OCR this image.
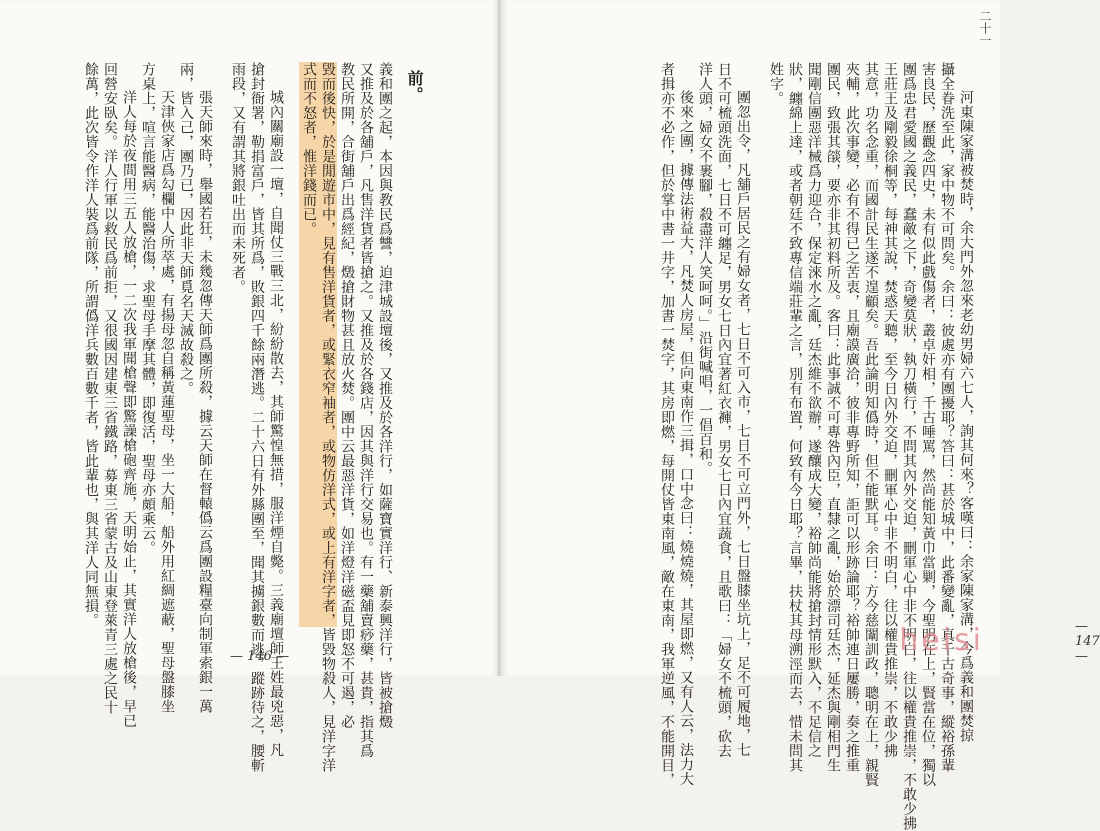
前。
義和團之起，本因與教民爲讐，迫津城設壇後，又推及於各洋行，如薩寶實洋行、新泰興洋行，皆被搶燬
又推及於各舖戶，凡售洋貨者皆搶之。又推及於各錢店，因其與洋行交易也。有一藥舖賣痧藥，甚貴，指其爲
教民所開，合街舖戶出爲經紀，燬搶財物甚且放火焚。團中云最惡洋貨，如洋燈洋磁盃見即怒不可遏，必
毀而後快，於是閒遊市中，見有售洋貨者，或緊衣窄袖者，或物仿洋式，或上有洋字者，皆毀物殺人，見洋字洋
式而不怒者，惟洋錢而已。
城內關廟設一壇，自聞仗三戰三北，紛紛散去，其師驚惶無措，服洋煙自斃。三義廟壇師王姓最兇惡，凡
搶封衙署，勒捐富戶，皆其所爲，敗銀四千餘兩潛逃。二十六日有外縣團至，聞其擄銀數而逃，蹤跡待之，腰斬
雨段，又有謂其將銀吐出而未死者。
張天師來時，舉國若狂，未幾忽傳天師爲團所殺，據云天師在督轅僞云爲團設糧臺向制軍索銀一萬
兩，皆入己，團乃已，因此非天師覓名天滅故殺之。
天津俠家店爲勾欄中人所萃處，有揚母忽自稱黃蓮聖母，坐一大船，船外用紅綢遮蔽，聖母盤膝坐
方桌上，喧言能醫病，能醫治傷，求聖母手摩其體，即復活，聖母亦頗乘云。
洋人每於夜間用三五人放槍，一二次我軍聞槍聲即驚譟槍砲齊施，天明始止，其實洋人放槍後，早已
回營安臥矣。洋人行軍以救民爲前拒，又很國因建東三省鐵路，募東三省蒙古及山東登萊青三處之民十
餘萬，此次皆令作洋人裝爲前隊，所謂僞洋兵數百數千者，皆此輩也，與其洋人同無損。
— 146 —
二十一
河東陳家溝被焚時，余大門外忽來老幼男婦六七人，詢其何來？客嘆曰：余家陳家溝，今爲義和團焚掠
攝全眷洗至此，家中物不可問矣。余曰：彼處亦有團擾耶？答曰：甚於城中，此番變亂，真千古奇事，縱裕孫輩
害良民，歷觀念四史，未有似此戲傷者，叢卓奸相，千古唾罵，然尚能知黃巾當剿，今聖明在上，賢當在位，獨以
團爲忠君愛國之義民，蠢敵之下，奇變莫狀，執刀橫行，不問其內外交迫，刪軍心中非不明白，往以權貴推崇，不敢少拂
王莊王及剛毅徐桐等，每神其說，焚惑天聽，至今日內外交迫，刪軍心中非不明白，往以權貴推崇，不敢少拂
其意，功名念重，而國計民生遂不遑顧矣。吾此論明知僞時，但不能默耳。余曰：方今慈闈訓政，聰明在上，親賢
夾輔，此次事變，必有不得已之苦衷，且廟謨廣洽，彼非專野所知，詎可以形跡論耶？裕帥連日屢勝，奏之推重
團民，致張其燄，要亦非其初料所及。客曰：此事誠不可專咎內臣，直隸之亂，始於漂司廷杰，延杰與剛相門生
聞剛信團惡洋械爲力迎合，保定淶水之亂，廷杰維不欲辦，遂釀成大變，裕帥尚能將搶封情形默入，不足信之
狀，纏綿上達，或者朝廷不致專信端莊輩之言，別有布置，何致有今日耶？言畢，扶杖其母溯涇而去，惜未問其
姓字。
團忽出令，凡舖戶居民之有婦女者，七日不可入市，七日不可立門外，七日盤膝坐坑上，足不可履地，七
日不可梳頭洗面，七日不可纏足，男女七日內宜著紅衣褲，男女七日內宜蔬食，且歌曰：「婦女不梳頭，砍去
洋人頭，婦女不裹腳，殺盡洋人笑呵呵。」沿街喊唱，一倡百和。
後來之團，據傳法術益大，凡焚人房屋，但向東南作三揖，口中念曰：燒燒燒，其屋即燃，又有人云，法力大
者揖亦不必作，但於掌中書一井字，加書一焚字，其房即燃，每開仗皆東南風，敵在東南，我軍逆風，不能開目，	— 147 —
heisi
